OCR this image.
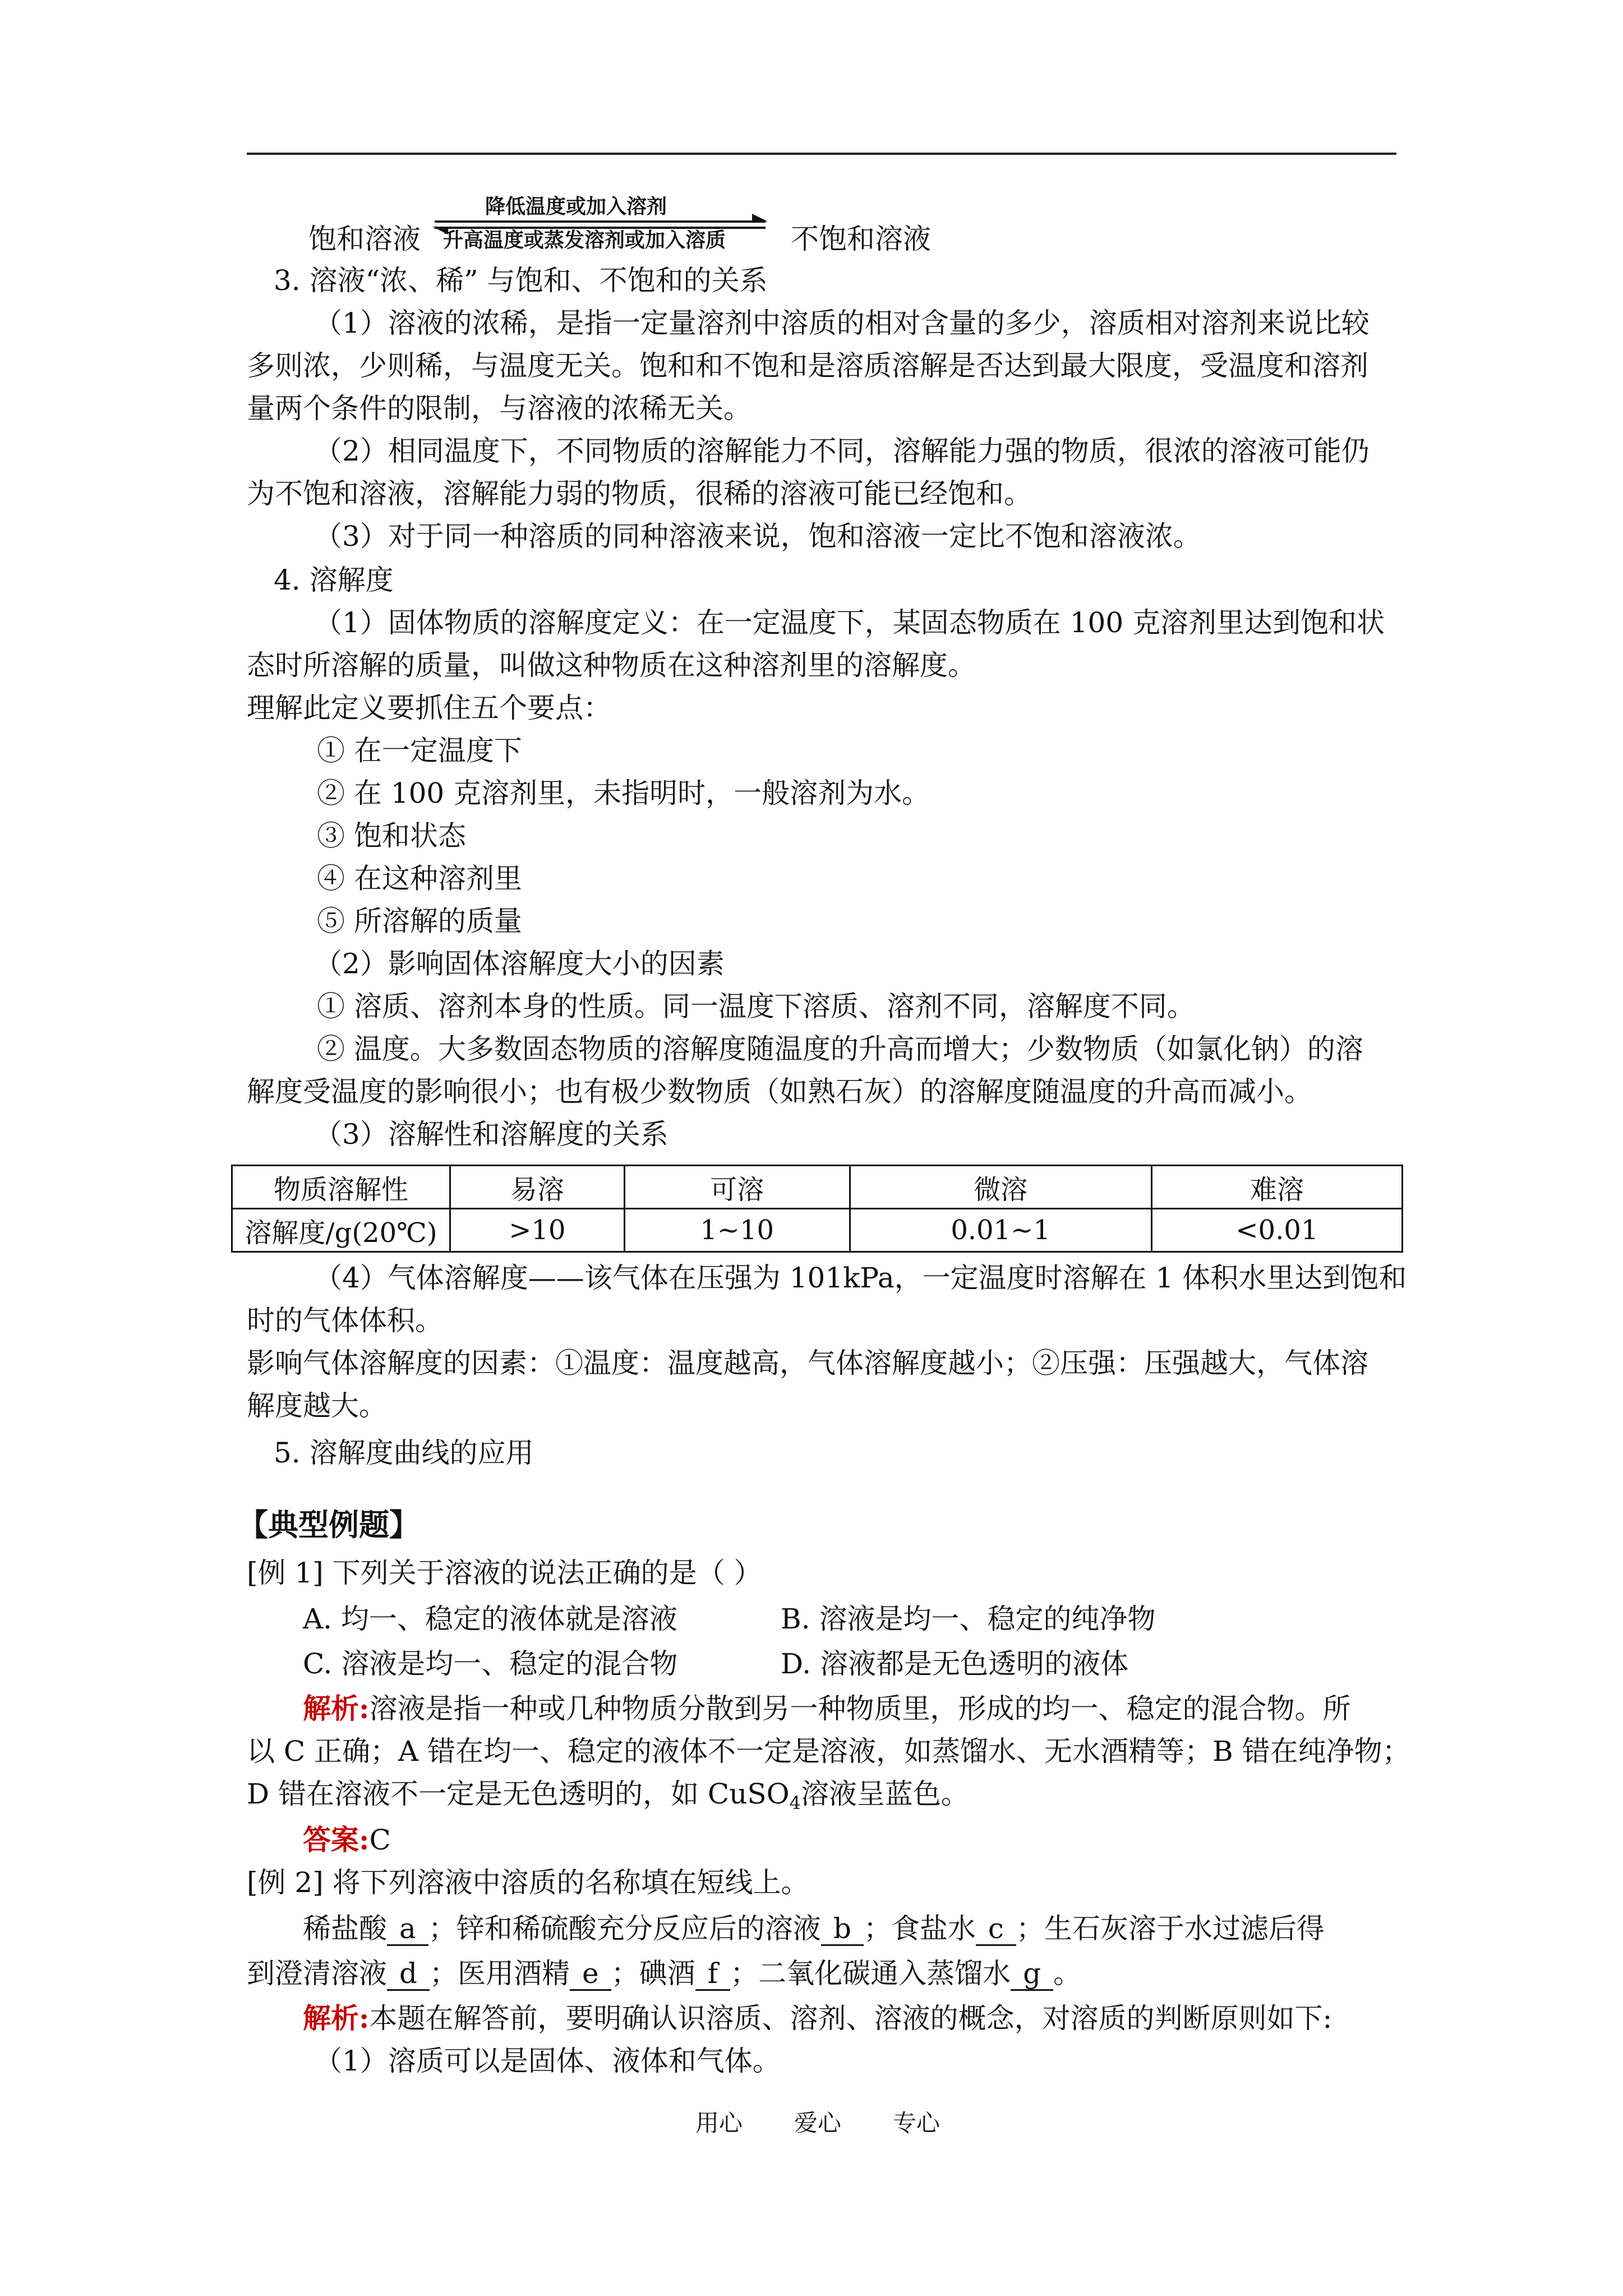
降低温度或加入溶剂
升高温度或蒸发溶剂或加入溶质
饱和溶液	不饱和溶液
3. 溶液“浓、稀” 与饱和、不饱和的关系
（1）溶液的浓稀，是指一定量溶剂中溶质的相对含量的多少，溶质相对溶剂来说比较
多则浓，少则稀，与温度无关。饱和和不饱和是溶质溶解是否达到最大限度，受温度和溶剂
量两个条件的限制，与溶液的浓稀无关。
（2）相同温度下，不同物质的溶解能力不同，溶解能力强的物质，很浓的溶液可能仍
为不饱和溶液，溶解能力弱的物质，很稀的溶液可能已经饱和。
（3）对于同一种溶质的同种溶液来说，饱和溶液一定比不饱和溶液浓。
4. 溶解度
（1）固体物质的溶解度定义：在一定温度下，某固态物质在 100 克溶剂里达到饱和状
态时所溶解的质量，叫做这种物质在这种溶剂里的溶解度。
理解此定义要抓住五个要点：
① 在一定温度下
② 在 100 克溶剂里，未指明时，一般溶剂为水。
③ 饱和状态
④ 在这种溶剂里
⑤ 所溶解的质量
（2）影响固体溶解度大小的因素
① 溶质、溶剂本身的性质。同一温度下溶质、溶剂不同，溶解度不同。
② 温度。大多数固态物质的溶解度随温度的升高而增大；少数物质（如氯化钠）的溶
解度受温度的影响很小；也有极少数物质（如熟石灰）的溶解度随温度的升高而减小。
（3）溶解性和溶解度的关系
物质溶解性	易溶	可溶	微溶	难溶
溶解度/g(20℃)	>10	1~10	0.01~1	<0.01
（4）气体溶解度——该气体在压强为 101kPa，一定温度时溶解在 1 体积水里达到饱和
时的气体体积。
影响气体溶解度的因素：①温度：温度越高，气体溶解度越小；②压强：压强越大，气体溶
解度越大。
5. 溶解度曲线的应用
【典型例题】
[例 1] 下列关于溶液的说法正确的是（ ）
A. 均一、稳定的液体就是溶液	B. 溶液是均一、稳定的纯净物
C. 溶液是均一、稳定的混合物	D. 溶液都是无色透明的液体
解析:溶液是指一种或几种物质分散到另一种物质里，形成的均一、稳定的混合物。所
以 C 正确；A 错在均一、稳定的液体不一定是溶液，如蒸馏水、无水酒精等；B 错在纯净物；
D 错在溶液不一定是无色透明的，如 CuSO$_4$溶液呈蓝色。
答案:C
[例 2] 将下列溶液中溶质的名称填在短线上。
稀盐酸 a ；锌和稀硫酸充分反应后的溶液 b ；食盐水 c ；生石灰溶于水过滤后得
到澄清溶液 d ；医用酒精 e ；碘酒 f ；二氧化碳通入蒸馏水 g 。
解析:本题在解答前，要明确认识溶质、溶剂、溶液的概念，对溶质的判断原则如下:
（1）溶质可以是固体、液体和气体。
用心 爱心 专心
